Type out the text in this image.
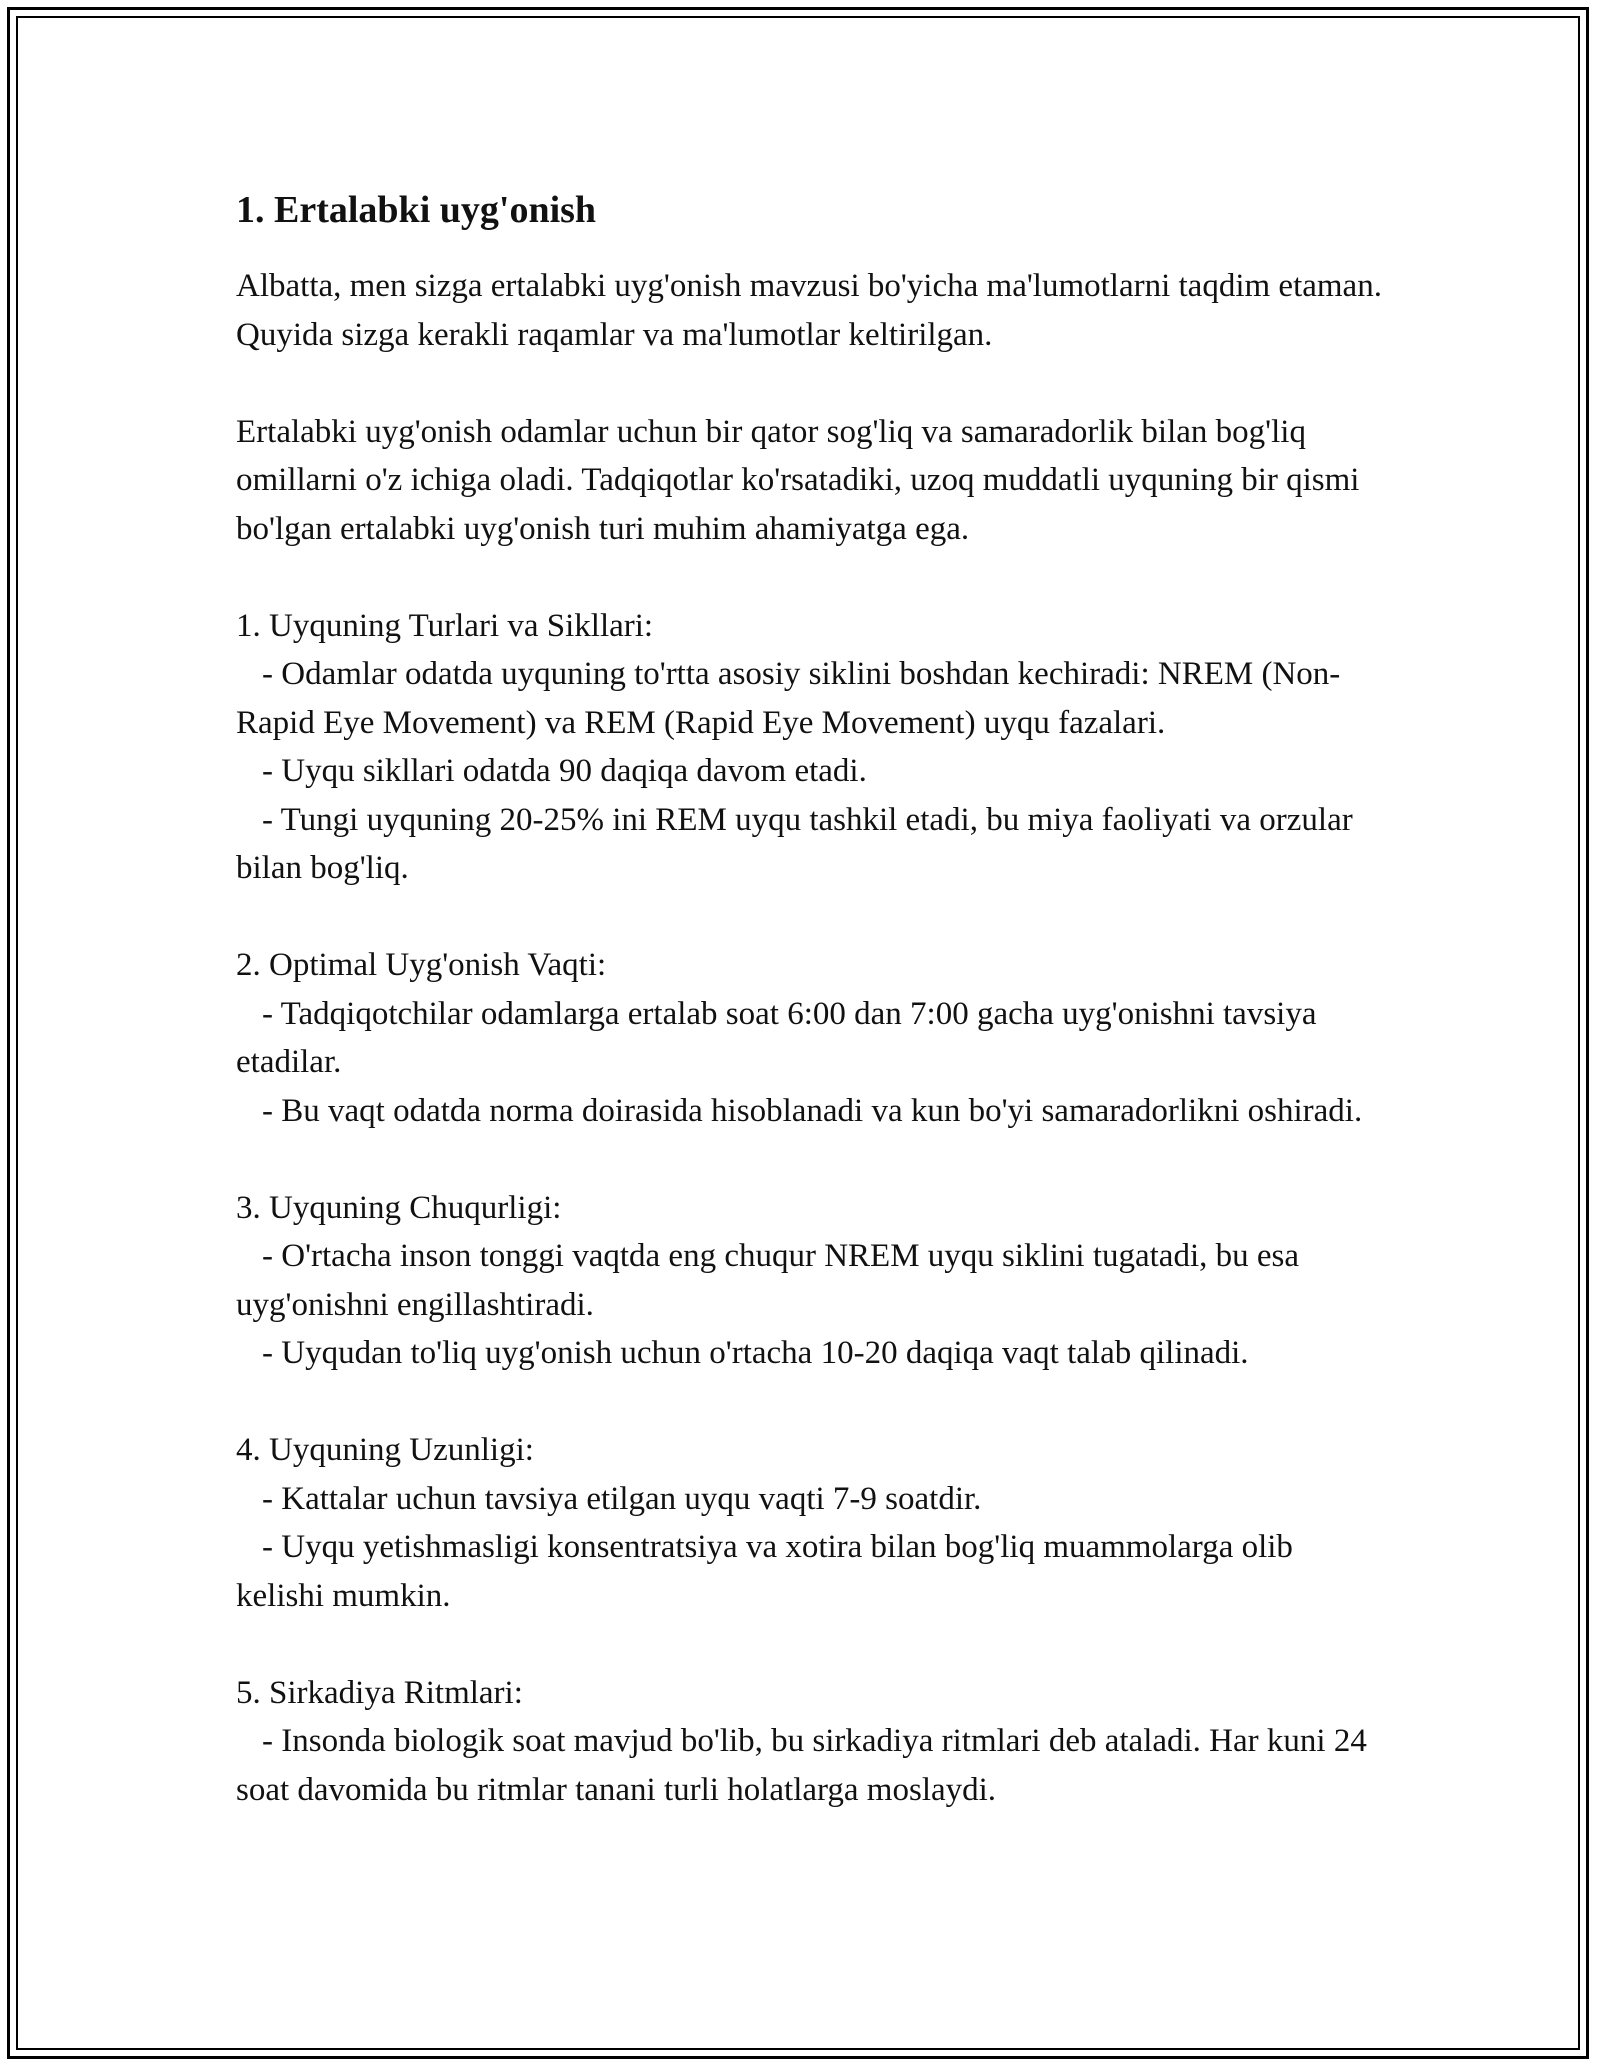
1. Ertalabki uyg'onish

Albatta, men sizga ertalabki uyg'onish mavzusi bo'yicha ma'lumotlarni taqdim etaman. Quyida sizga kerakli raqamlar va ma'lumotlar keltirilgan.

Ertalabki uyg'onish odamlar uchun bir qator sog'liq va samaradorlik bilan bog'liq omillarni o'z ichiga oladi. Tadqiqotlar ko'rsatadiki, uzoq muddatli uyquning bir qismi bo'lgan ertalabki uyg'onish turi muhim ahamiyatga ega.

1. Uyquning Turlari va Sikllari:

- Odamlar odatda uyquning to'rtta asosiy siklini boshdan kechiradi: NREM (Non-Rapid Eye Movement) va REM (Rapid Eye Movement) uyqu fazalari.

- Uyqu sikllari odatda 90 daqiqa davom etadi.

- Tungi uyquning 20-25% ini REM uyqu tashkil etadi, bu miya faoliyati va orzular bilan bog'liq.

2. Optimal Uyg'onish Vaqti:

- Tadqiqotchilar odamlarga ertalab soat 6:00 dan 7:00 gacha uyg'onishni tavsiya etadilar.

- Bu vaqt odatda norma doirasida hisoblanadi va kun bo'yi samaradorlikni oshiradi.

3. Uyquning Chuqurligi:

- O'rtacha inson tonggi vaqtda eng chuqur NREM uyqu siklini tugatadi, bu esa uyg'onishni engillashtiradi.

- Uyqudan to'liq uyg'onish uchun o'rtacha 10-20 daqiqa vaqt talab qilinadi.

4. Uyquning Uzunligi:

- Kattalar uchun tavsiya etilgan uyqu vaqti 7-9 soatdir.

- Uyqu yetishmasligi konsentratsiya va xotira bilan bog'liq muammolarga olib kelishi mumkin.

5. Sirkadiya Ritmlari:

- Insonda biologik soat mavjud bo'lib, bu sirkadiya ritmlari deb ataladi. Har kuni 24 soat davomida bu ritmlar tanani turli holatlarga moslaydi.
